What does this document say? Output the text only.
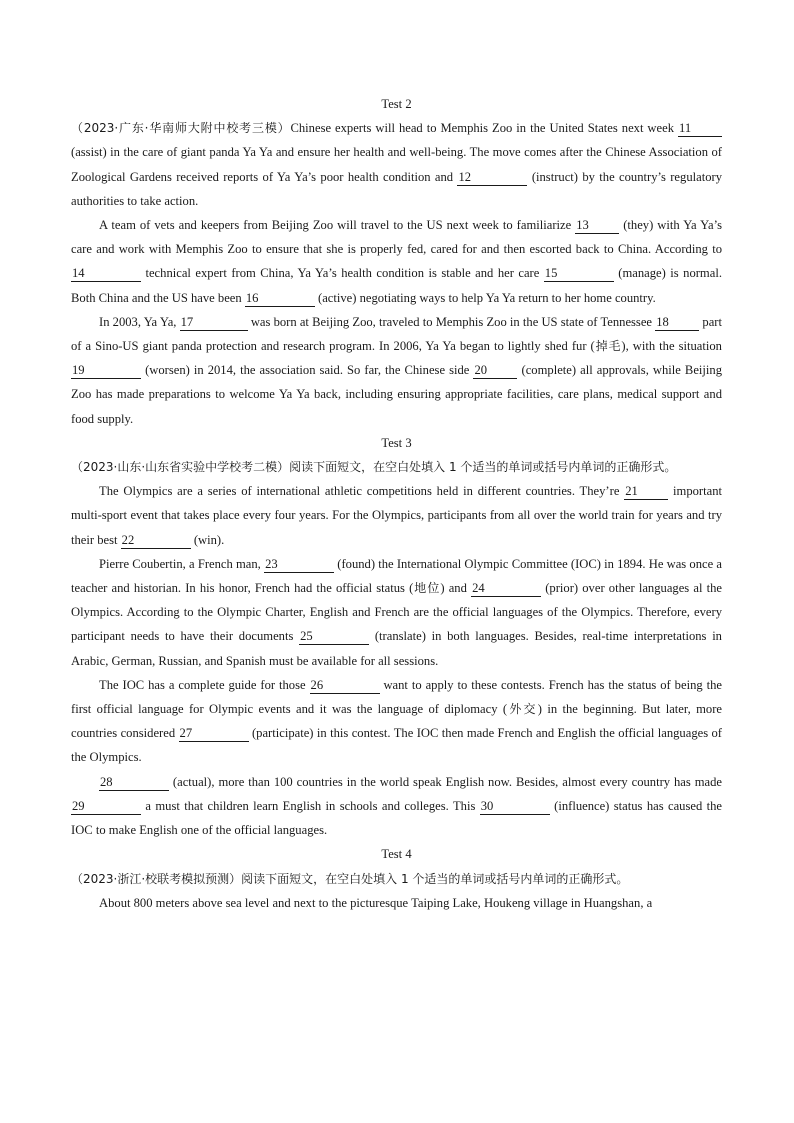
Test 2

（2023·广东·华南师大附中校考三模）Chinese experts will head to Memphis Zoo in the United States next week 11 (assist) in the care of giant panda Ya Ya and ensure her health and well-being. The move comes after the Chinese Association of Zoological Gardens received reports of Ya Ya’s poor health condition and 12	(instruct) by the country’s regulatory authorities to take action.

A team of vets and keepers from Beijing Zoo will travel to the US next week to familiarize 13	(they) with Ya Ya’s care and work with Memphis Zoo to ensure that she is properly fed, cared for and then escorted back to China. According to 14	technical expert from China, Ya Ya’s health condition is stable and her care 15	(manage) is normal. Both China and the US have been 16	(active) negotiating ways to help Ya Ya return to her home country.

In 2003, Ya Ya, 17	was born at Beijing Zoo, traveled to Memphis Zoo in the US state of Tennessee 18	part of a Sino-US giant panda protection and research program. In 2006, Ya Ya began to lightly shed fur (掉毛), with the situation 19	(worsen) in 2014, the association said. So far, the Chinese side 20	(complete) all approvals, while Beijing Zoo has made preparations to welcome Ya Ya back, including ensuring appropriate facilities, care plans, medical support and food supply.

Test 3

（2023·山东·山东省实验中学校考二模）阅读下面短文，在空白处填入 1 个适当的单词或括号内单词的正确形式。

The Olympics are a series of international athletic competitions held in different countries. They’re 21	important multi-sport event that takes place every four years. For the Olympics, participants from all over the world train for years and try their best 22	(win).

Pierre Coubertin, a French man, 23	(found) the International Olympic Committee (IOC) in 1894. He was once a teacher and historian. In his honor, French had the official status (地位) and 24	(prior) over other languages al the Olympics. According to the Olympic Charter, English and French are the official languages of the Olympics. Therefore, every participant needs to have their documents 25	(translate) in both languages. Besides, real-time interpretations in Arabic, German, Russian, and Spanish must be available for all sessions.

The IOC has a complete guide for those 26	want to apply to these contests. French has the status of being the first official language for Olympic events and it was the language of diplomacy (外交) in the beginning. But later, more countries considered 27	(participate) in this contest. The IOC then made French and English the official languages of the Olympics.

28	(actual), more than 100 countries in the world speak English now. Besides, almost every country has made 29	a must that children learn English in schools and colleges. This 30	(influence) status has caused the IOC to make English one of the official languages.

Test 4

（2023·浙江·校联考模拟预测）阅读下面短文，在空白处填入 1 个适当的单词或括号内单词的正确形式。

About 800 meters above sea level and next to the picturesque Taiping Lake, Houkeng village in Huangshan, a
